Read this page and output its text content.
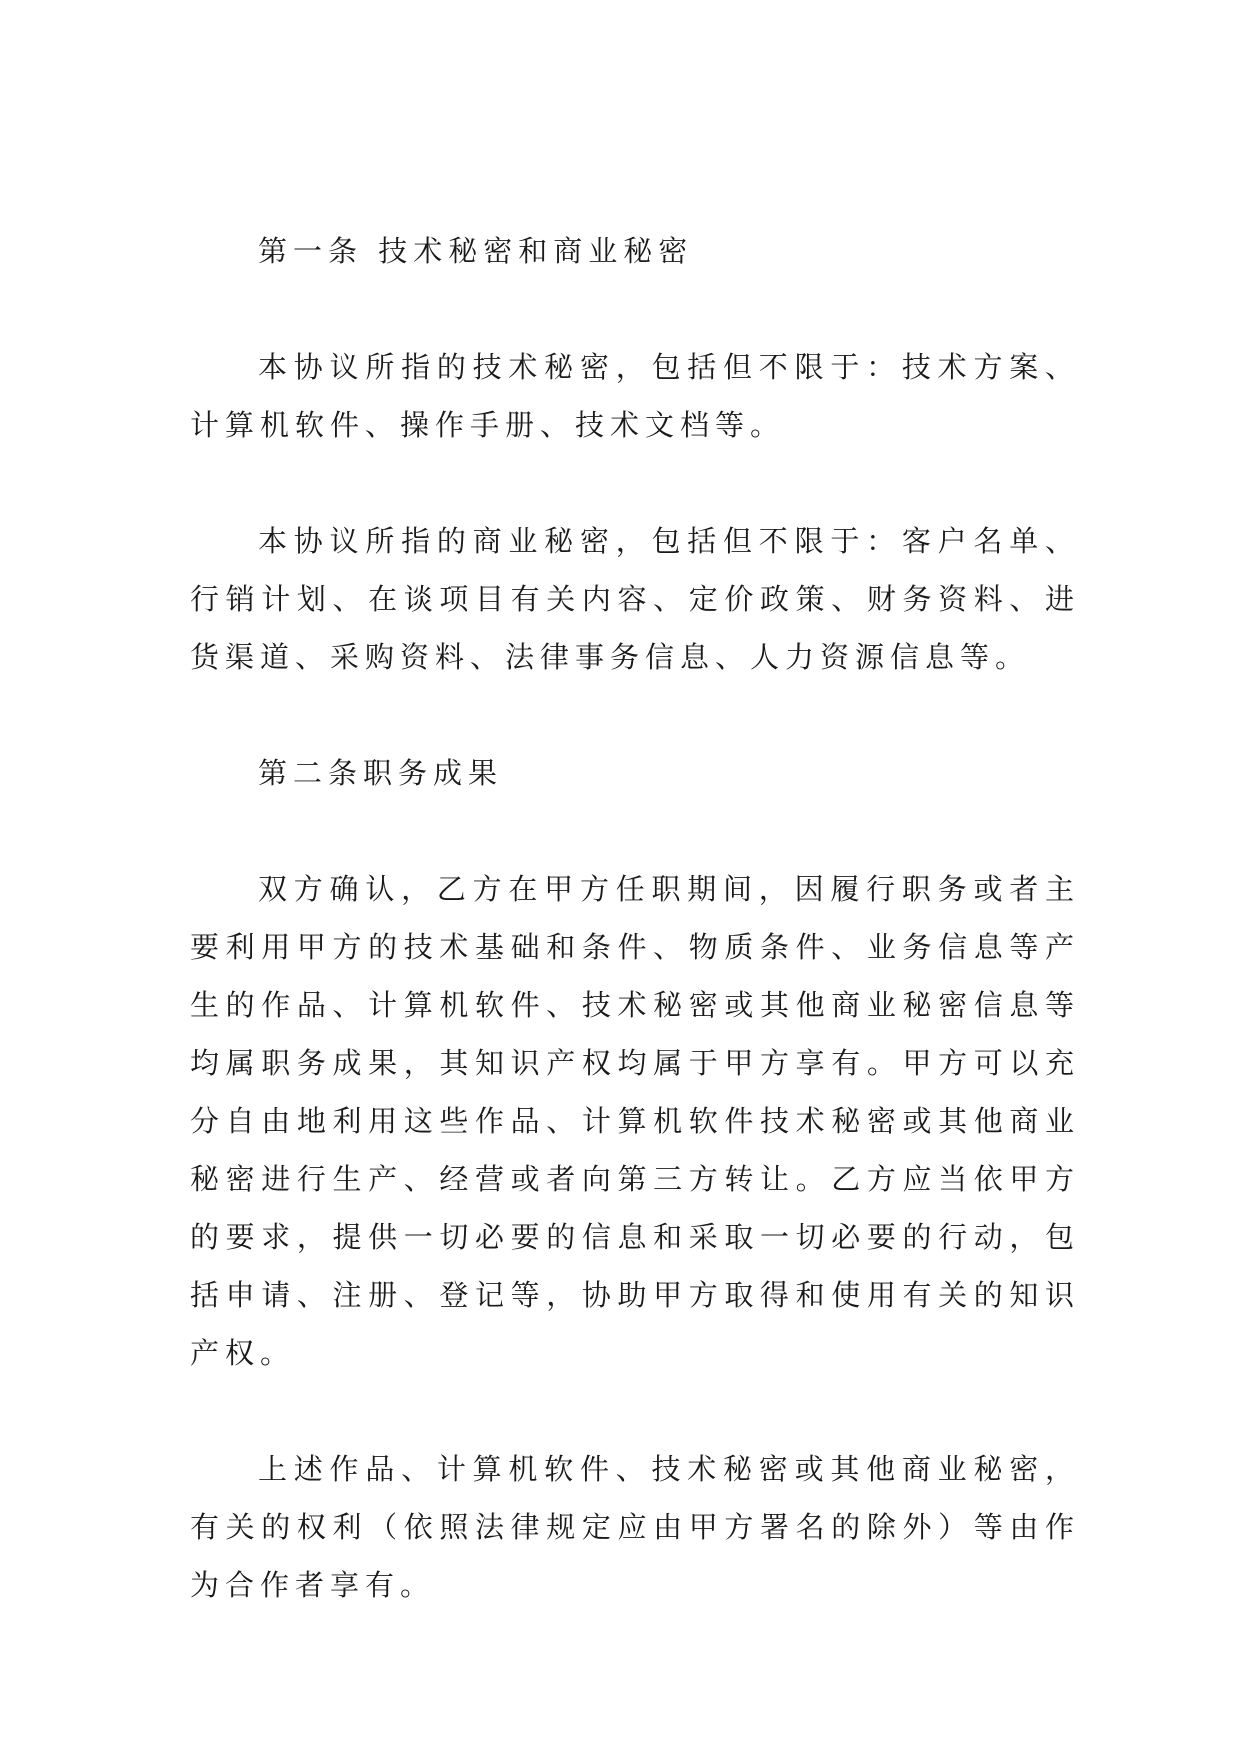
第一条 技术秘密和商业秘密

本协议所指的技术秘密，包括但不限于：技术方案、计算机软件、操作手册、技术文档等。

本协议所指的商业秘密，包括但不限于：客户名单、行销计划、在谈项目有关内容、定价政策、财务资料、进货渠道、采购资料、法律事务信息、人力资源信息等。

第二条职务成果

双方确认，乙方在甲方任职期间，因履行职务或者主要利用甲方的技术基础和条件、物质条件、业务信息等产生的作品、计算机软件、技术秘密或其他商业秘密信息等均属职务成果，其知识产权均属于甲方享有。甲方可以充分自由地利用这些作品、计算机软件技术秘密或其他商业秘密进行生产、经营或者向第三方转让。乙方应当依甲方的要求，提供一切必要的信息和采取一切必要的行动，包括申请、注册、登记等，协助甲方取得和使用有关的知识产权。

上述作品、计算机软件、技术秘密或其他商业秘密，有关的权利（依照法律规定应由甲方署名的除外）等由作为合作者享有。
